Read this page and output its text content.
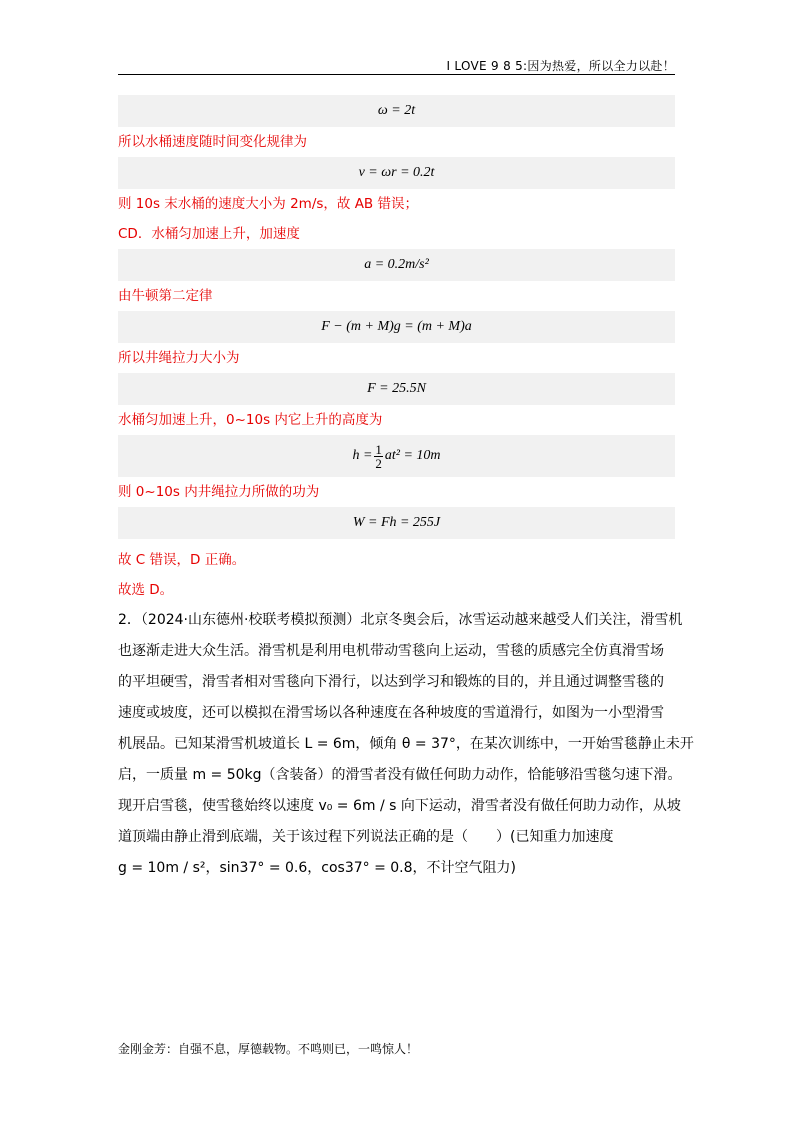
I LOVE 9 8 5:因为热爱，所以全力以赴！
ω = 2t
所以水桶速度随时间变化规律为
v = ωr = 0.2t
则 10s 末水桶的速度大小为 2m/s，故 AB 错误；
CD．水桶匀加速上升，加速度
a = 0.2m/s²
由牛顿第二定律
F − (m + M)g = (m + M)a
所以井绳拉力大小为
F = 25.5N
水桶匀加速上升，0~10s 内它上升的高度为
$h = \frac{1}{2} at^2 = 10m$
则 0~10s 内井绳拉力所做的功为
W = Fh = 255J
故 C 错误，D 正确。
故选 D。
2．（2024·山东德州·校联考模拟预测）北京冬奥会后，冰雪运动越来越受人们关注，滑雪机
也逐渐走进大众生活。滑雪机是利用电机带动雪毯向上运动，雪毯的质感完全仿真滑雪场
的平坦硬雪，滑雪者相对雪毯向下滑行，以达到学习和锻炼的目的，并且通过调整雪毯的
速度或坡度，还可以模拟在滑雪场以各种速度在各种坡度的雪道滑行，如图为一小型滑雪
机展品。已知某滑雪机坡道长 L = 6m，倾角 θ = 37°，在某次训练中，一开始雪毯静止未开
启，一质量 m = 50kg（含装备）的滑雪者没有做任何助力动作，恰能够沿雪毯匀速下滑。
现开启雪毯，使雪毯始终以速度 v₀ = 6m / s 向下运动，滑雪者没有做任何助力动作，从坡
道顶端由静止滑到底端，关于该过程下列说法正确的是（　　）(已知重力加速度
g = 10m / s²，sin37° = 0.6，cos37° = 0.8，不计空气阻力)
金刚金芳：自强不息，厚德载物。不鸣则已，一鸣惊人！
